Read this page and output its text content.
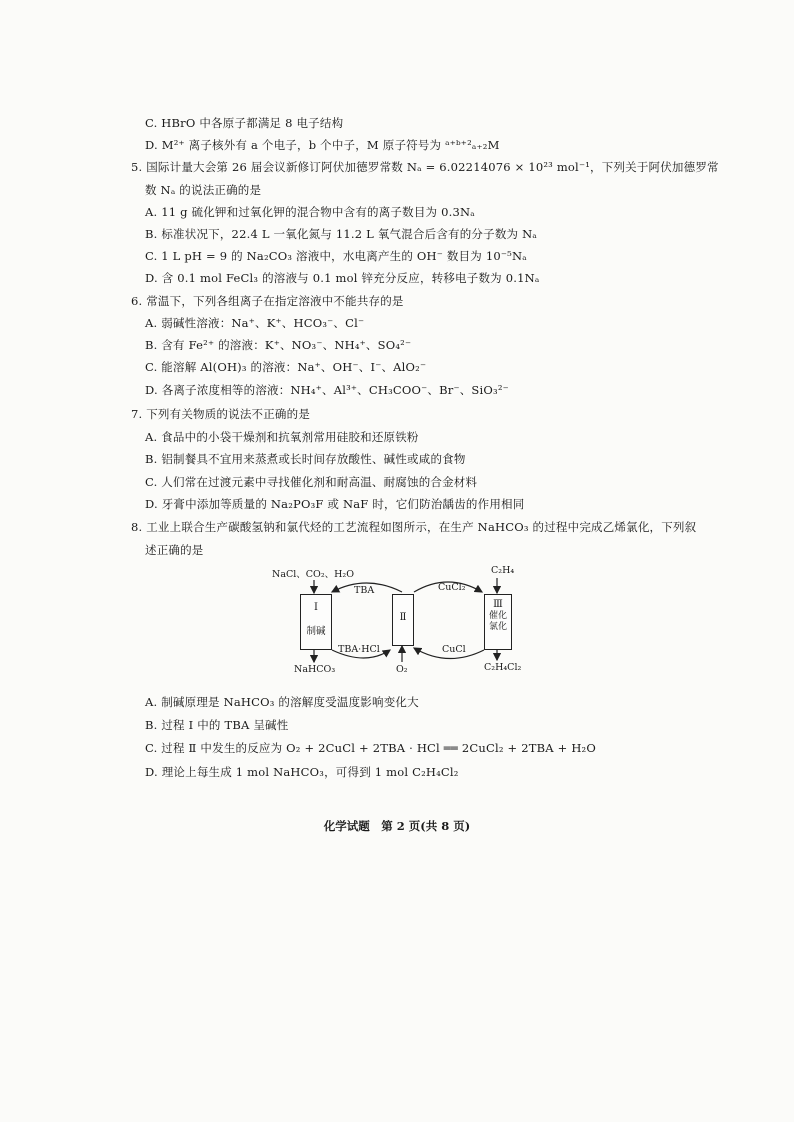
C. HBrO 中各原子都满足 8 电子结构
D. M²⁺ 离子核外有 a 个电子，b 个中子，M 原子符号为 ᵃ⁺ᵇ⁺²ₐ₊₂M
5. 国际计量大会第 26 届会议新修订阿伏加德罗常数 Nₐ = 6.02214076 × 10²³ mol⁻¹，下列关于阿伏加德罗常
数 Nₐ 的说法正确的是
A. 11 g 硫化钾和过氧化钾的混合物中含有的离子数目为 0.3Nₐ
B. 标准状况下，22.4 L 一氧化氮与 11.2 L 氧气混合后含有的分子数为 Nₐ
C. 1 L pH = 9 的 Na₂CO₃ 溶液中，水电离产生的 OH⁻ 数目为 10⁻⁵Nₐ
D. 含 0.1 mol FeCl₃ 的溶液与 0.1 mol 锌充分反应，转移电子数为 0.1Nₐ
6. 常温下，下列各组离子在指定溶液中不能共存的是
A. 弱碱性溶液：Na⁺、K⁺、HCO₃⁻、Cl⁻
B. 含有 Fe²⁺ 的溶液：K⁺、NO₃⁻、NH₄⁺、SO₄²⁻
C. 能溶解 Al(OH)₃ 的溶液：Na⁺、OH⁻、I⁻、AlO₂⁻
D. 各离子浓度相等的溶液：NH₄⁺、Al³⁺、CH₃COO⁻、Br⁻、SiO₃²⁻
7. 下列有关物质的说法不正确的是
A. 食品中的小袋干燥剂和抗氧剂常用硅胶和还原铁粉
B. 铝制餐具不宜用来蒸煮或长时间存放酸性、碱性或咸的食物
C. 人们常在过渡元素中寻找催化剂和耐高温、耐腐蚀的合金材料
D. 牙膏中添加等质量的 Na₂PO₃F 或 NaF 时，它们防治龋齿的作用相同
8. 工业上联合生产碳酸氢钠和氯代烃的工艺流程如图所示，在生产 NaHCO₃ 的过程中完成乙烯氯化，下列叙
述正确的是
NaCl、CO₂、H₂O
TBA	CuCl₂
C₂H₄
Ⅰ
制碱
Ⅱ
Ⅲ
催化氯化
TBA·HCl	CuCl
NaHCO₃	O₂	C₂H₄Cl₂
A. 制碱原理是 NaHCO₃ 的溶解度受温度影响变化大
B. 过程 Ⅰ 中的 TBA 呈碱性
C. 过程 Ⅱ 中发生的反应为 O₂ + 2CuCl + 2TBA · HCl ══ 2CuCl₂ + 2TBA + H₂O
D. 理论上每生成 1 mol NaHCO₃，可得到 1 mol C₂H₄Cl₂
化学试题　第 2 页(共 8 页)
